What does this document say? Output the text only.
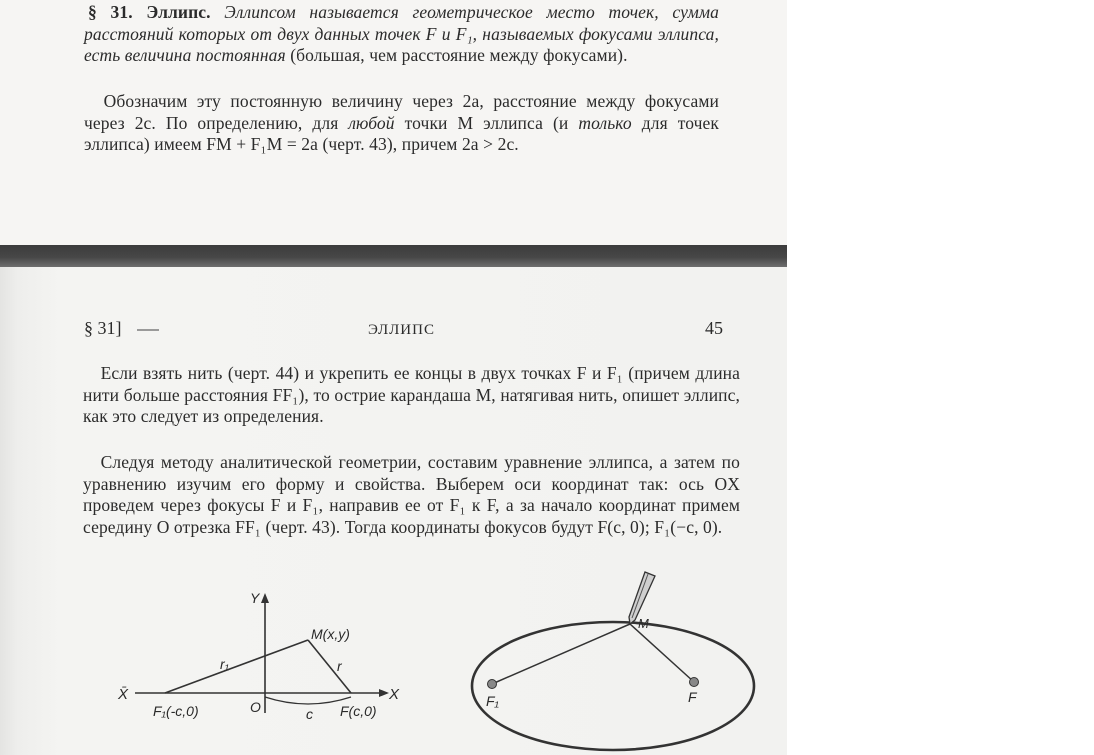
§ 31. Эллипс. Эллипсом называется геометрическое место точек, сумма расстояний которых от двух данных точек F и F₁, называемых фокусами эллипса, есть величина постоянная (большая, чем расстояние между фокусами).

 Обозначим эту постоянную величину через 2a, расстояние между фокусами через 2c. По определению, для любой точки M эллипса (и только для точек эллипса) имеем FM + F₁M = 2a (черт. 43), причем 2a > 2c.

§ 31]	ЭЛЛИПС	45

 Если взять нить (черт. 44) и укрепить ее концы в двух точках F и F₁ (причем длина нити больше расстояния FF₁), то острие карандаша M, натягивая нить, опишет эллипс, как это следует из определения.

 Следуя методу аналитической геометрии, составим уравнение эллипса, а затем по уравнению изучим его форму и свойства. Выберем оси координат так: ось OX проведем через фокусы F и F₁, направив ее от F₁ к F, а за начало координат примем середину O отрезка FF₁ (черт. 43). Тогда координаты фокусов будут F(c, 0); F₁(−c, 0).

Y
X̄	X
M(x,y)
r₁	r
F₁(-c,0)	O	c F(c,0)
M
F₁	F
